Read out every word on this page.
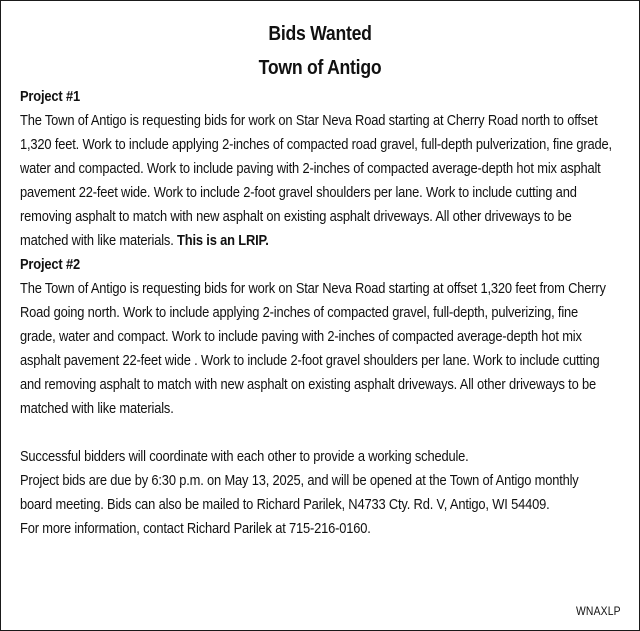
Bids Wanted
Town of Antigo
Project #1
The Town of Antigo is requesting bids for work on Star Neva Road starting at Cherry Road north to offset 1,320 feet. Work to include applying 2-inches of compacted road gravel, full-depth pulverization, fine grade, water and compacted. Work to include paving with 2-inches of compacted average-depth hot mix asphalt pavement 22-feet wide. Work to include 2-foot gravel shoulders per lane. Work to include cutting and removing asphalt to match with new asphalt on existing asphalt driveways. All other driveways to be matched with like materials. This is an LRIP.
Project #2
The Town of Antigo is requesting bids for work on Star Neva Road starting at offset 1,320 feet from Cherry Road going north. Work to include applying 2-inches of compacted gravel, full-depth, pulverizing, fine grade, water and compact. Work to include paving with 2-inches of compacted average-depth hot mix asphalt pavement 22-feet wide . Work to include 2-foot gravel shoulders per lane. Work to include cutting and removing asphalt to match with new asphalt on existing asphalt driveways. All other driveways to be matched with like materials.
Successful bidders will coordinate with each other to provide a working schedule.
Project bids are due by 6:30 p.m. on May 13, 2025, and will be opened at the Town of Antigo monthly board meeting. Bids can also be mailed to Richard Parilek, N4733 Cty. Rd. V, Antigo, WI 54409.
For more information, contact Richard Parilek at 715-216-0160.
WNAXLP
